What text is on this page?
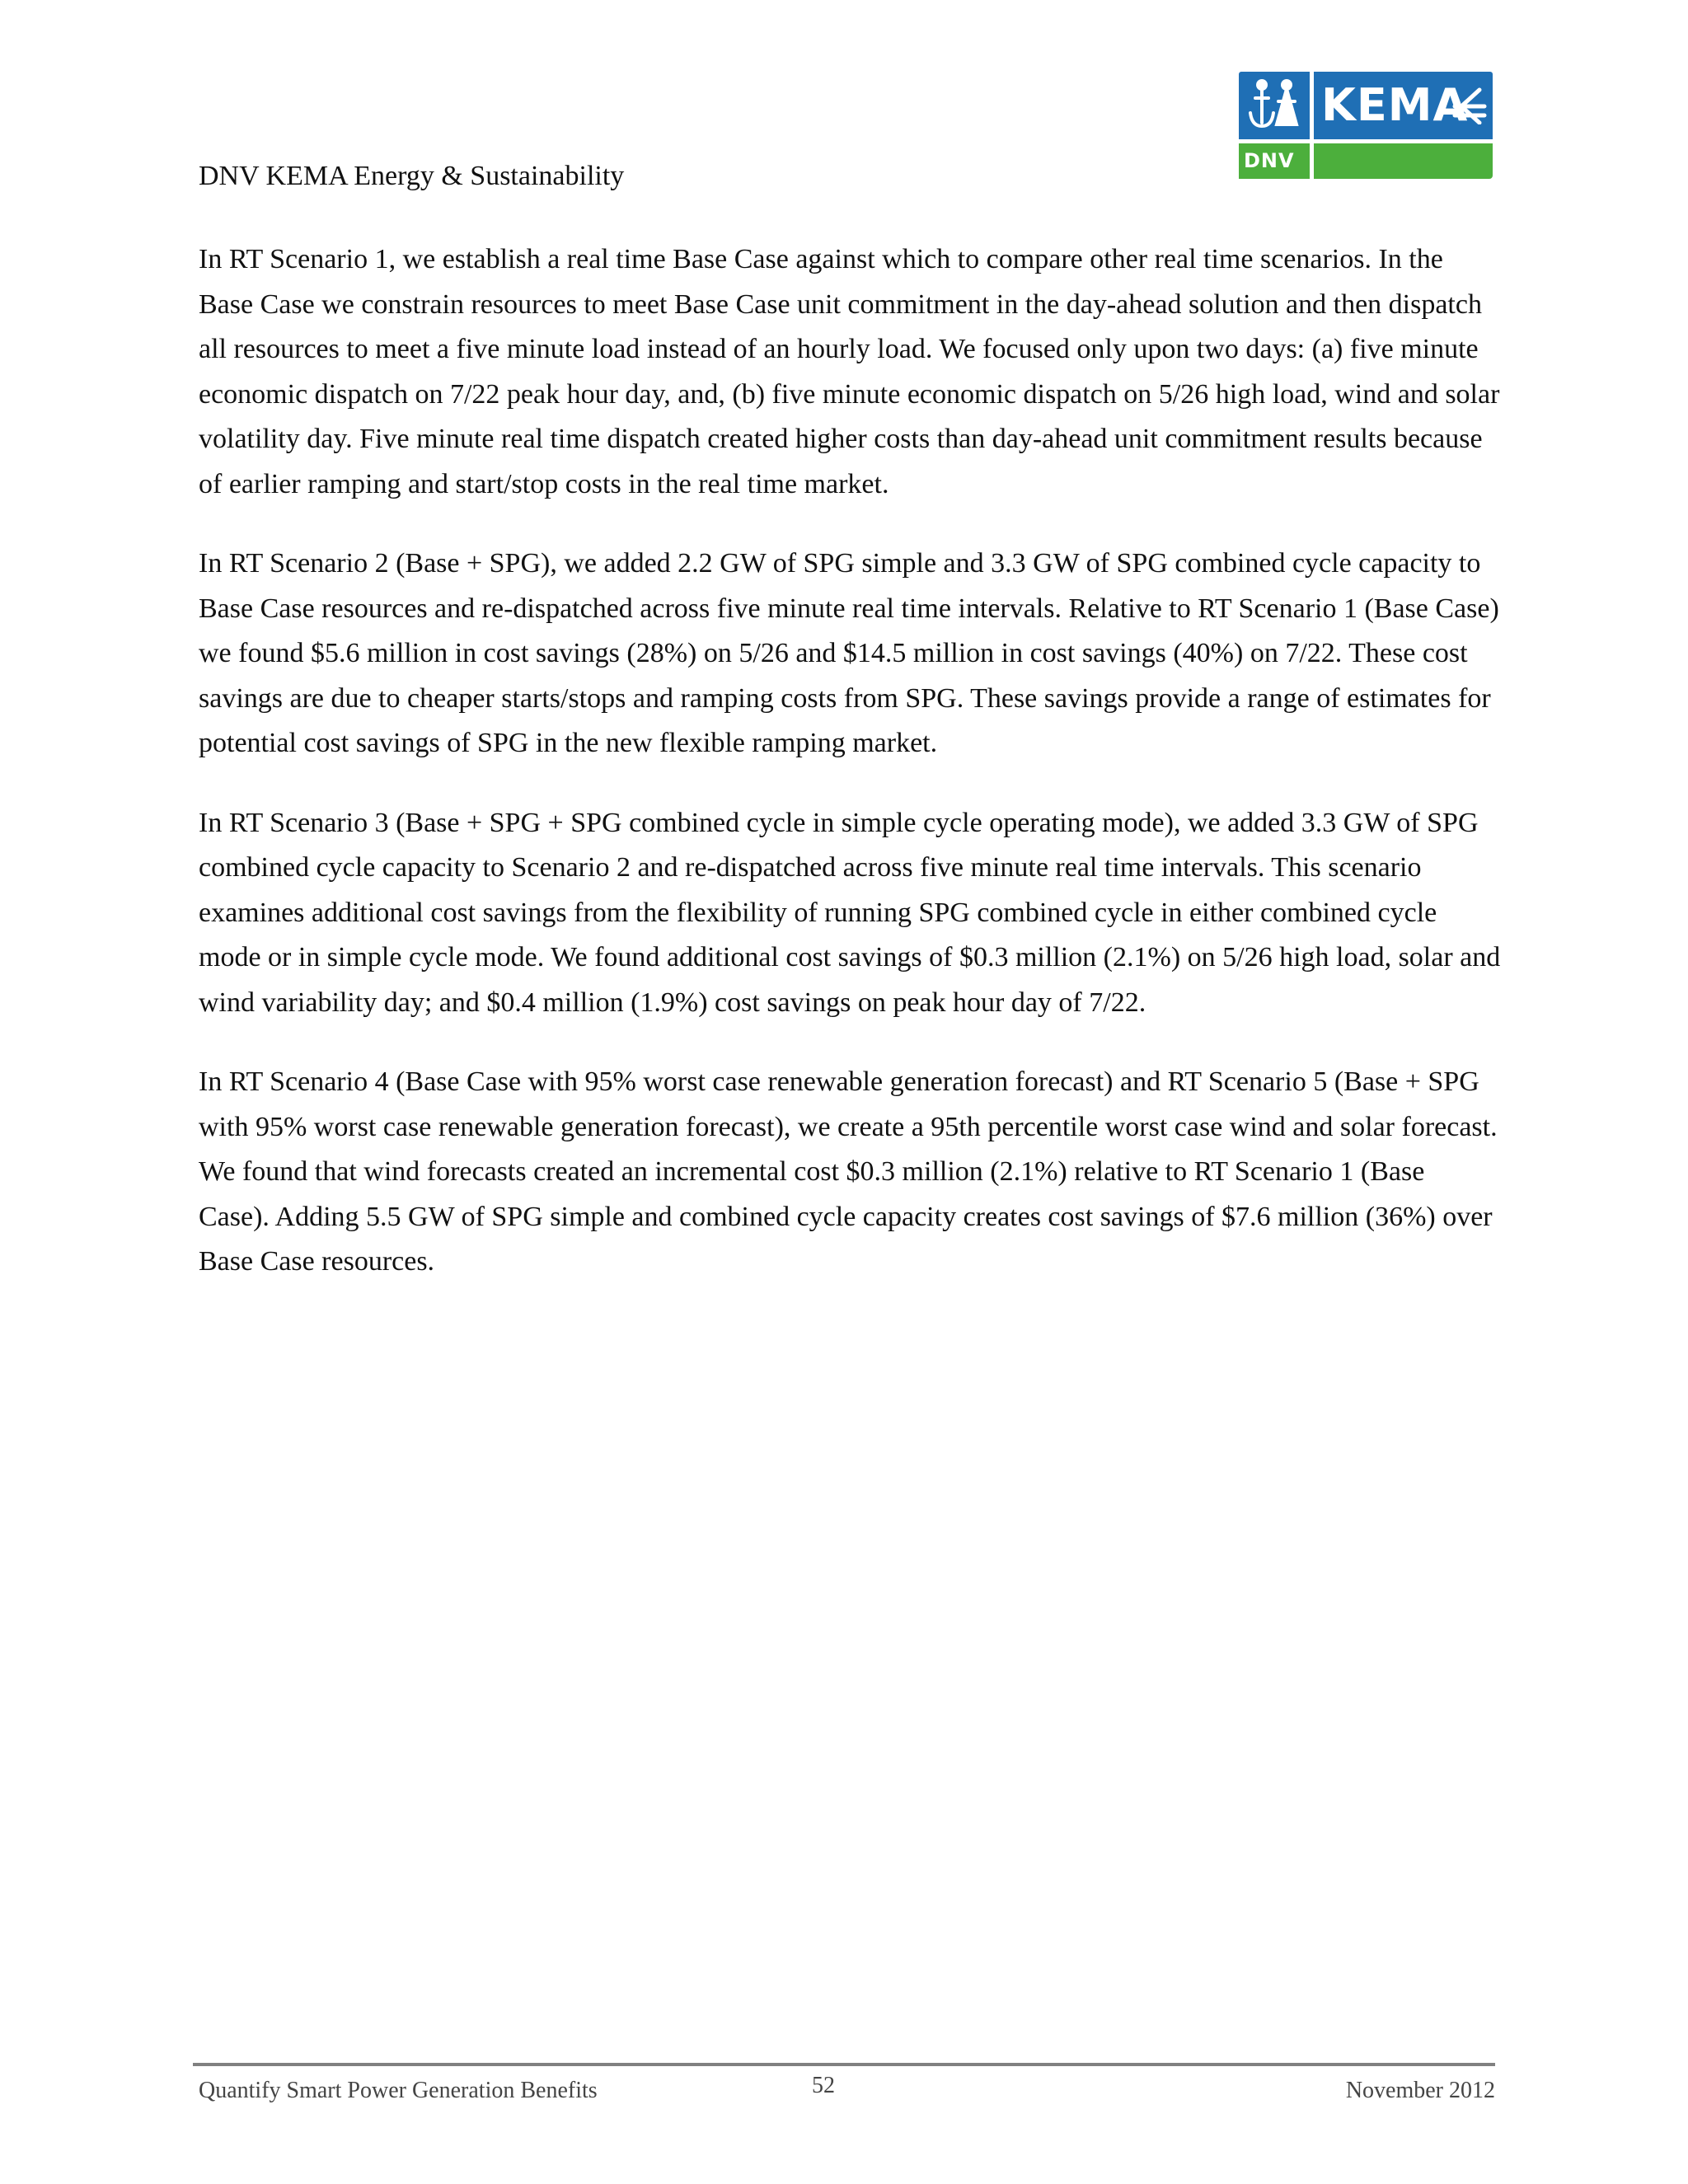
KEMA
DNV
DNV KEMA Energy & Sustainability

In RT Scenario 1, we establish a real time Base Case against which to compare other real time scenarios. In the Base Case we constrain resources to meet Base Case unit commitment in the day-ahead solution and then dispatch all resources to meet a five minute load instead of an hourly load. We focused only upon two days: (a) five minute economic dispatch on 7/22 peak hour day, and, (b) five minute economic dispatch on 5/26 high load, wind and solar volatility day. Five minute real time dispatch created higher costs than day-ahead unit commitment results because of earlier ramping and start/stop costs in the real time market.

In RT Scenario 2 (Base + SPG), we added 2.2 GW of SPG simple and 3.3 GW of SPG combined cycle capacity to Base Case resources and re-dispatched across five minute real time intervals. Relative to RT Scenario 1 (Base Case) we found $5.6 million in cost savings (28%) on 5/26 and $14.5 million in cost savings (40%) on 7/22. These cost savings are due to cheaper starts/stops and ramping costs from SPG. These savings provide a range of estimates for potential cost savings of SPG in the new flexible ramping market.

In RT Scenario 3 (Base + SPG + SPG combined cycle in simple cycle operating mode), we added 3.3 GW of SPG combined cycle capacity to Scenario 2 and re-dispatched across five minute real time intervals. This scenario examines additional cost savings from the flexibility of running SPG combined cycle in either combined cycle mode or in simple cycle mode. We found additional cost savings of $0.3 million (2.1%) on 5/26 high load, solar and wind variability day; and $0.4 million (1.9%) cost savings on peak hour day of 7/22.

In RT Scenario 4 (Base Case with 95% worst case renewable generation forecast) and RT Scenario 5 (Base + SPG with 95% worst case renewable generation forecast), we create a 95th percentile worst case wind and solar forecast. We found that wind forecasts created an incremental cost $0.3 million (2.1%) relative to RT Scenario 1 (Base Case). Adding 5.5 GW of SPG simple and combined cycle capacity creates cost savings of $7.6 million (36%) over Base Case resources.

Quantify Smart Power Generation Benefits	52	November 2012
